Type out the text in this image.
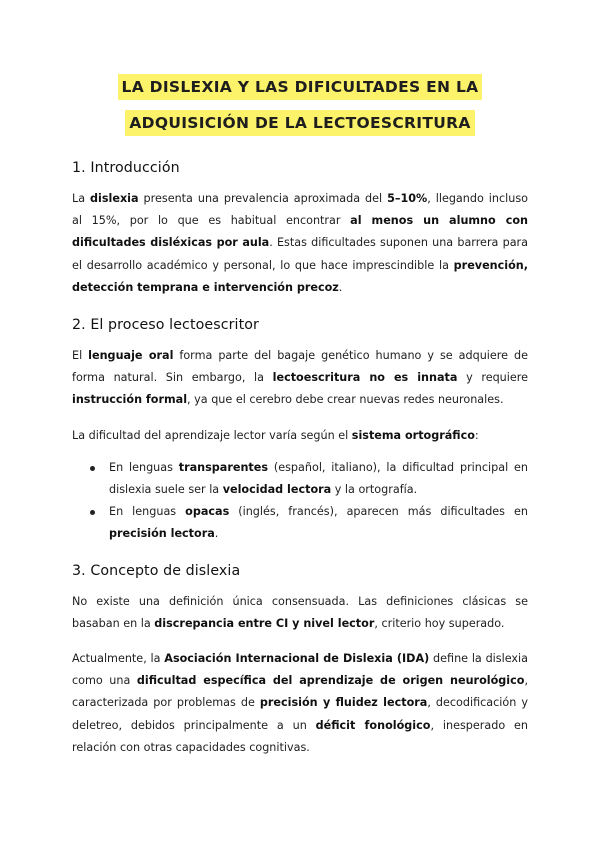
LA DISLEXIA Y LAS DIFICULTADES EN LA
ADQUISICIÓN DE LA LECTOESCRITURA
1. Introducción

La dislexia presenta una prevalencia aproximada del 5–10%, llegando incluso al 15%, por lo que es habitual encontrar al menos un alumno con dificultades disléxicas por aula. Estas dificultades suponen una barrera para el desarrollo académico y personal, lo que hace imprescindible la prevención, detección temprana e intervención precoz.

2. El proceso lectoescritor

El lenguaje oral forma parte del bagaje genético humano y se adquiere de forma natural. Sin embargo, la lectoescritura no es innata y requiere instrucción formal, ya que el cerebro debe crear nuevas redes neuronales.

La dificultad del aprendizaje lector varía según el sistema ortográfico:

En lenguas transparentes (español, italiano), la dificultad principal en dislexia suele ser la velocidad lectora y la ortografía.
En lenguas opacas (inglés, francés), aparecen más dificultades en precisión lectora.
3. Concepto de dislexia

No existe una definición única consensuada. Las definiciones clásicas se basaban en la discrepancia entre CI y nivel lector, criterio hoy superado.

Actualmente, la Asociación Internacional de Dislexia (IDA) define la dislexia como una dificultad específica del aprendizaje de origen neurológico, caracterizada por problemas de precisión y fluidez lectora, decodificación y deletreo, debidos principalmente a un déficit fonológico, inesperado en relación con otras capacidades cognitivas.
